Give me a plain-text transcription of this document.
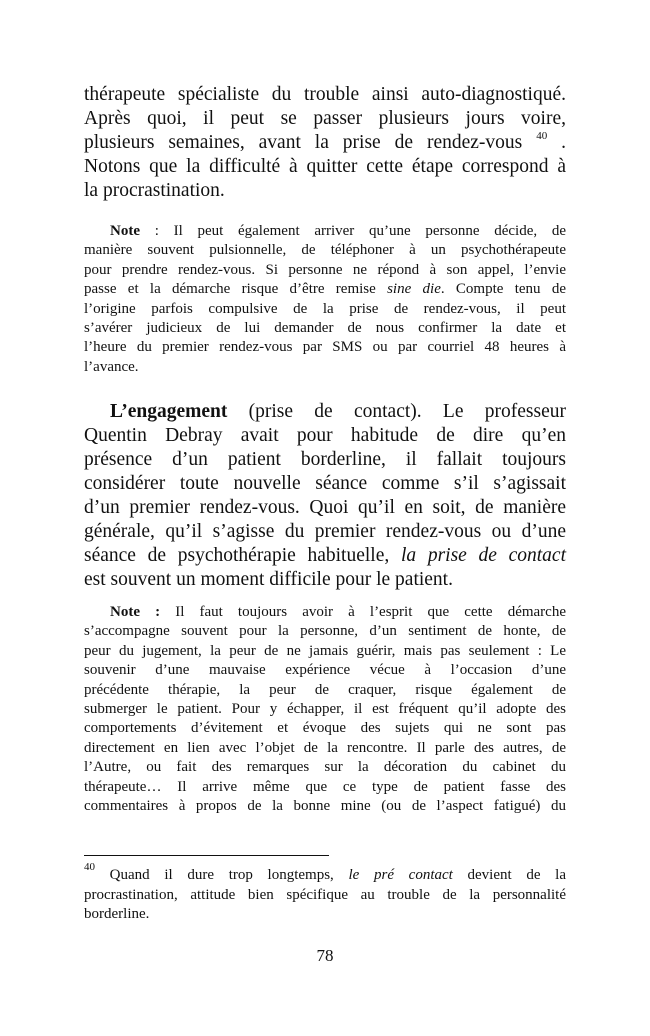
78
thérapeute spécialiste du trouble ainsi auto-diagnostiqué.
Après quoi, il peut se passer plusieurs jours voire,
plusieurs semaines, avant la prise de rendez-vous $^{40}$ .
Notons que la difficulté à quitter cette étape correspond à
la procrastination.
Note : Il peut également arriver qu’une personne décide, de
manière souvent pulsionnelle, de téléphoner à un psychothérapeute
pour prendre rendez-vous. Si personne ne répond à son appel, l’envie
passe et la démarche risque d’être remise sine die. Compte tenu de
l’origine parfois compulsive de la prise de rendez-vous, il peut
s’avérer judicieux de lui demander de nous confirmer la date et
l’heure du premier rendez-vous par SMS ou par courriel 48 heures à
l’avance.
L’engagement (prise de contact). Le professeur
Quentin Debray avait pour habitude de dire qu’en
présence d’un patient borderline, il fallait toujours
considérer toute nouvelle séance comme s’il s’agissait
d’un premier rendez-vous. Quoi qu’il en soit, de manière
générale, qu’il s’agisse du premier rendez-vous ou d’une
séance de psychothérapie habituelle, la prise de contact
est souvent un moment difficile pour le patient.
Note : Il faut toujours avoir à l’esprit que cette démarche
s’accompagne souvent pour la personne, d’un sentiment de honte, de
peur du jugement, la peur de ne jamais guérir, mais pas seulement : Le
souvenir d’une mauvaise expérience vécue à l’occasion d’une
précédente thérapie, la peur de craquer, risque également de
submerger le patient. Pour y échapper, il est fréquent qu’il adopte des
comportements d’évitement et évoque des sujets qui ne sont pas
directement en lien avec l’objet de la rencontre. Il parle des autres, de
l’Autre, ou fait des remarques sur la décoration du cabinet du
thérapeute… Il arrive même que ce type de patient fasse des
commentaires à propos de la bonne mine (ou de l’aspect fatigué) du
$^{40}$ Quand il dure trop longtemps, le pré contact devient de la
procrastination, attitude bien spécifique au trouble de la personnalité
borderline.
